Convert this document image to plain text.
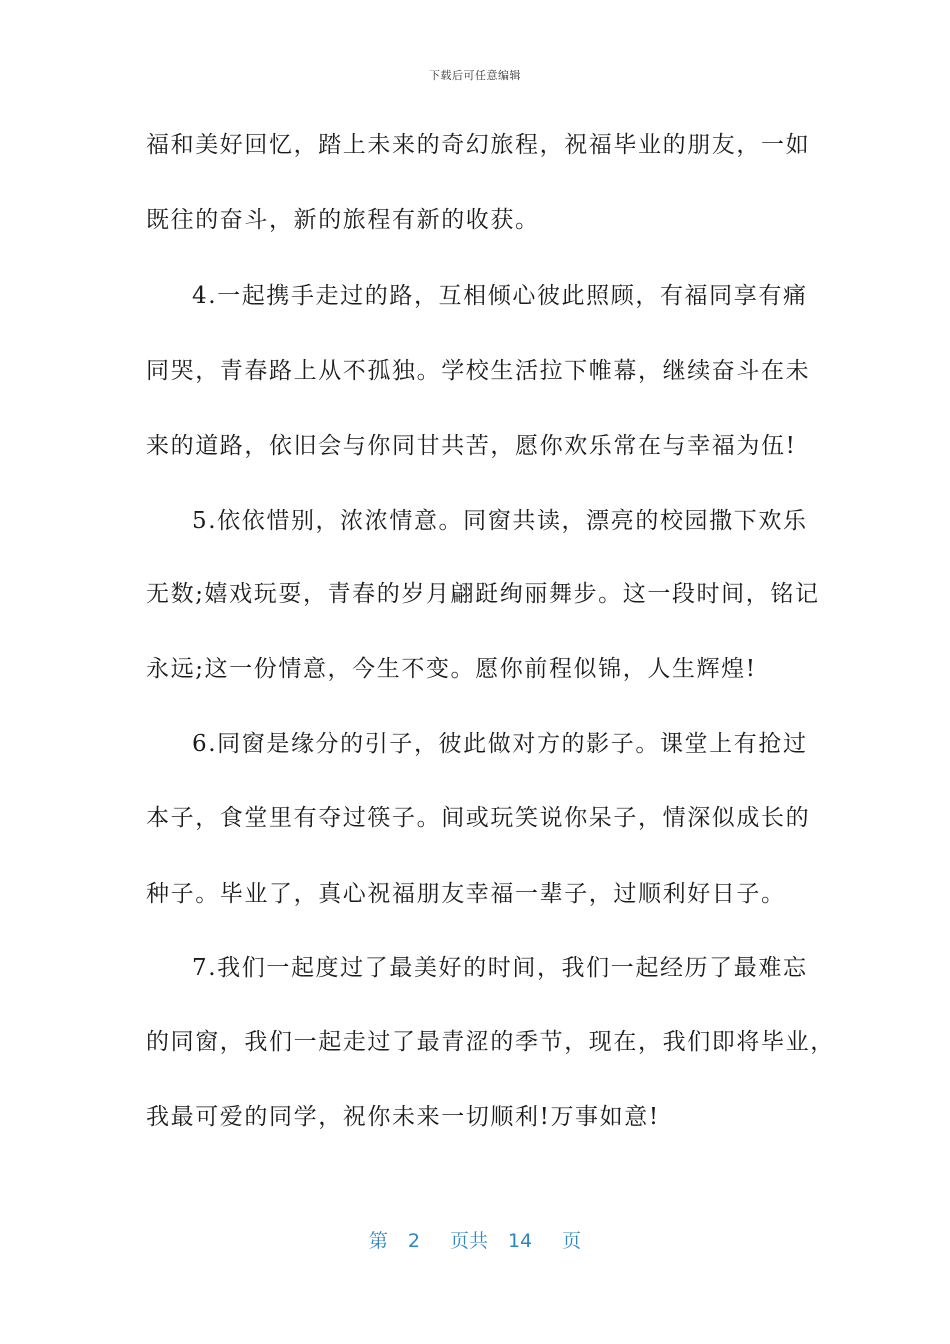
下载后可任意编辑
福和美好回忆，踏上未来的奇幻旅程，祝福毕业的朋友，一如
既往的奋斗，新的旅程有新的收获。
4.一起携手走过的路，互相倾心彼此照顾，有福同享有痛
同哭，青春路上从不孤独。学校生活拉下帷幕，继续奋斗在未
来的道路，依旧会与你同甘共苦，愿你欢乐常在与幸福为伍!
5.依依惜别，浓浓情意。同窗共读，漂亮的校园撒下欢乐
无数;嬉戏玩耍，青春的岁月翩跹绚丽舞步。这一段时间，铭记
永远;这一份情意，今生不变。愿你前程似锦，人生辉煌!
6.同窗是缘分的引子，彼此做对方的影子。课堂上有抢过
本子，食堂里有夺过筷子。间或玩笑说你呆子，情深似成长的
种子。毕业了，真心祝福朋友幸福一辈子，过顺利好日子。
7.我们一起度过了最美好的时间，我们一起经历了最难忘
的同窗，我们一起走过了最青涩的季节，现在，我们即将毕业，
我最可爱的同学，祝你未来一切顺利!万事如意!
第 2 页共 14 页
